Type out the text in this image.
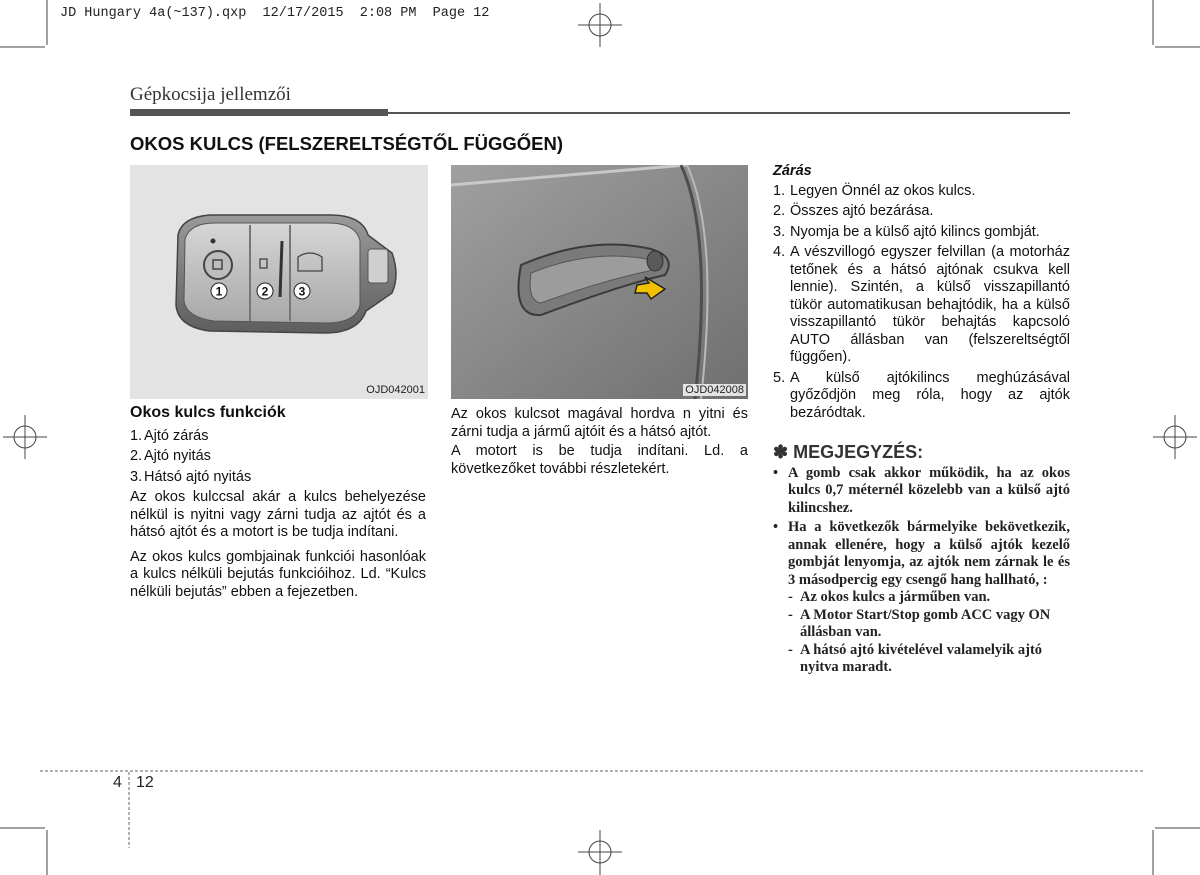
JD Hungary 4a(~137).qxp  12/17/2015  2:08 PM  Page 12
Gépkocsija jellemzői
OKOS KULCS (FELSZERELTSÉGTŐL FÜGGŐEN)
1	2	3
OJD042001	OJD042008

Okos kulcs funkciók

1. Ajtó zárás
2. Ajtó nyitás
3. Hátsó ajtó nyitás

Az okos kulccsal akár a kulcs behelyezése nélkül is nyitni vagy zárni tudja az ajtót és a hátsó ajtót és a motort is be tudja indítani.

Az okos kulcs gombjainak funkciói hasonlóak a kulcs nélküli bejutás funkcióihoz. Ld. “Kulcs nélküli bejutás” ebben a fejezetben.

Az okos kulcsot magával hordva n yitni és zárni tudja a jármű ajtóit és a hátsó ajtót.

A motort is be tudja indítani. Ld. a következőket további részletekért.

Zárás

1. Legyen Önnél az okos kulcs.
2. Összes ajtó bezárása.
3. Nyomja be a külső ajtó kilincs gombját.
4. A vészvillogó egyszer felvillan (a motorház tetőnek és a hátsó ajtónak csukva kell lennie). Szintén, a külső visszapillantó tükör automatikusan behajtódik, ha a külső visszapillantó tükör behajtás kapcsoló AUTO állásban van (felszereltségtől függően).
5. A külső ajtókilincs meghúzásával győződjön meg róla, hogy az ajtók bezáródtak.
✽ MEGJEGYZÉS:
• A gomb csak akkor működik, ha az okos kulcs 0,7 méternél közelebb van a külső ajtó kilincshez.
• Ha a következők bármelyike bekövetkezik, annak ellenére, hogy a külső ajtók kezelő gombját lenyomja, az ajtók nem zárnak le és 3 másodpercig egy csengő hang hallható, :
- Az okos kulcs a járműben van.
- A Motor Start/Stop gomb ACC vagy ON állásban van.
- A hátsó ajtó kivételével valamelyik ajtó nyitva maradt.
4 12
